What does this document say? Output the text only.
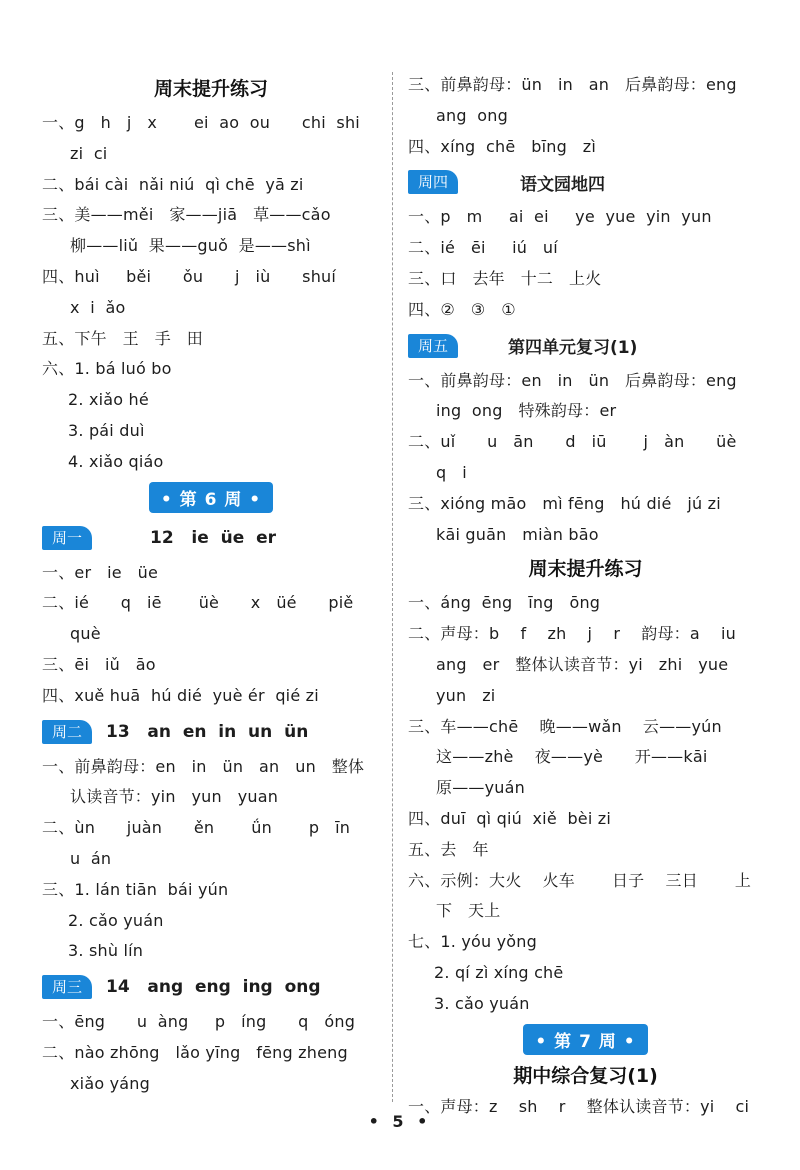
周末提升练习
一、g   h   j   x       ei  ao  ou      chi  shi
zi  ci
二、bái cài  nǎi niú  qì chē  yā zi
三、美——měi   家——jiā   草——cǎo
柳——liǔ  果——guǒ  是——shì
四、huì     běi      ǒu      j   iù      shuí
x  i  ǎo
五、下午   王   手   田
六、1. bá luó bo
2. xiǎo hé
3. pái duì
4. xiǎo qiáo
• 第 6 周 •
周一	12   ie  üe  er
一、er   ie   üe
二、ié      q   iē       üè      x   üé      piě
què
三、ēi   iǔ   āo
四、xuě huā  hú dié  yuè ér  qié zi
周二	13   an  en  in  un  ün
一、前鼻韵母：en   in   ün   an   un   整体
认读音节：yin   yun   yuan
二、ùn      juàn      ěn       ǘn       p   īn
u  án
三、1. lán tiān  bái yún
2. cǎo yuán
3. shù lín
周三	14   ang  eng  ing  ong
一、ēng      u  àng     p   íng      q   óng
二、nào zhōng   lǎo yīng   fēng zheng
xiǎo yáng
三、前鼻韵母：ün   in   an   后鼻韵母：eng
ang  ong
四、xíng  chē   bīng   zì
周四	语文园地四
一、p   m     ai  ei     ye  yue  yin  yun
二、ié   ēi     iú   uí
三、口   去年   十二   上火
四、②   ③   ①
周五	第四单元复习(1)
一、前鼻韵母：en   in   ün   后鼻韵母：eng
ing  ong   特殊韵母：er
二、uǐ      u   ān      d   iū       j   àn      üè
q   i
三、xióng māo   mì fēng   hú dié   jú zi
kāi guān   miàn bāo
周末提升练习
一、áng  ēng   īng   ōng
二、声母：b    f    zh    j    r    韵母：a    iu
ang   er   整体认读音节：yi   zhi   yue
yun   zi
三、车——chē    晚——wǎn    云——yún
这——zhè    夜——yè      开——kāi
原——yuán
四、duī  qì qiú  xiě  bèi zi
五、去   年
六、示例：大火    火车       日子    三日       上
下   天上
七、1. yóu yǒng
2. qí zì xíng chē
3. cǎo yuán
• 第 7 周 •
期中综合复习(1)
一、声母：z    sh    r    整体认读音节：yi    ci
• 5 •
